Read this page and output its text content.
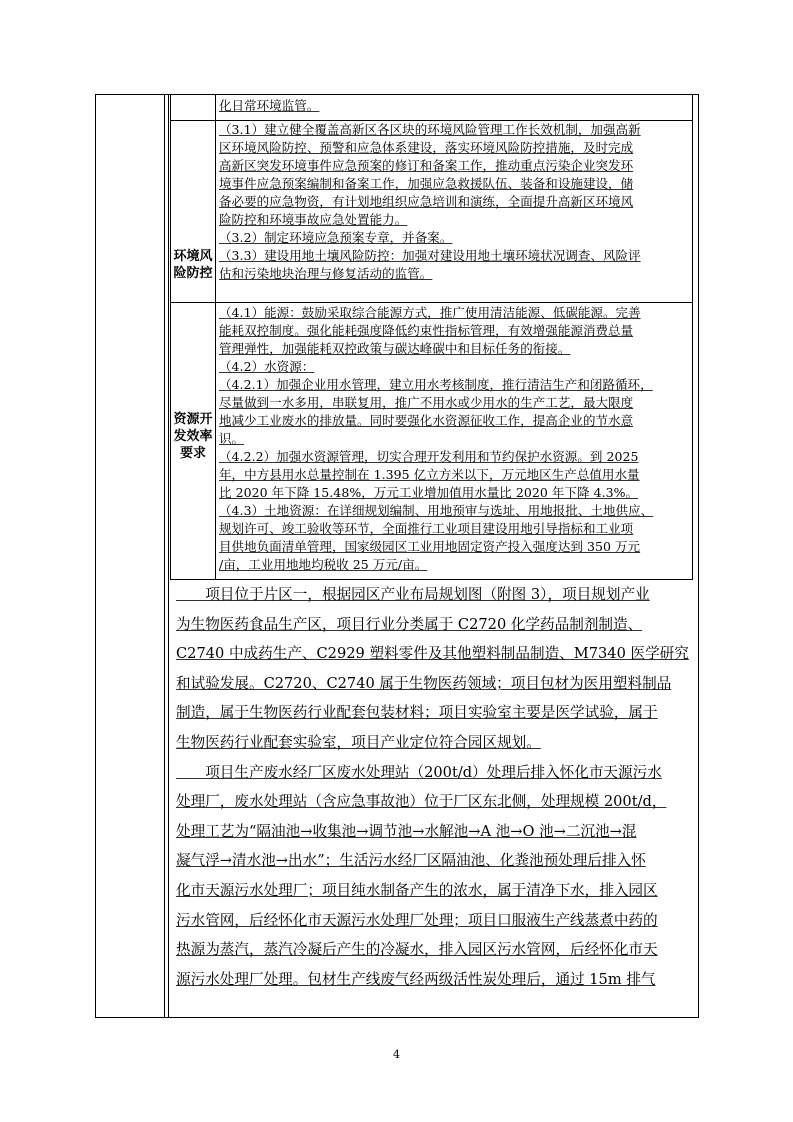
化日常环境监管。
环境风
险防控
（3.1）建立健全覆盖高新区各区块的环境风险管理工作长效机制，加强高新
区环境风险防控、预警和应急体系建设，落实环境风险防控措施，及时完成
高新区突发环境事件应急预案的修订和备案工作，推动重点污染企业突发环
境事件应急预案编制和备案工作，加强应急救援队伍、装备和设施建设，储
备必要的应急物资，有计划地组织应急培训和演练，全面提升高新区环境风
险防控和环境事故应急处置能力。
（3.2）制定环境应急预案专章，并备案。
（3.3）建设用地土壤风险防控：加强对建设用地土壤环境状况调查、风险评
估和污染地块治理与修复活动的监管。
资源开
发效率
要求
（4.1）能源：鼓励采取综合能源方式，推广使用清洁能源、低碳能源。完善
能耗双控制度。强化能耗强度降低约束性指标管理，有效增强能源消费总量
管理弹性，加强能耗双控政策与碳达峰碳中和目标任务的衔接。
（4.2）水资源：
（4.2.1）加强企业用水管理，建立用水考核制度，推行清洁生产和闭路循环，
尽量做到一水多用，串联复用，推广不用水或少用水的生产工艺，最大限度
地减少工业废水的排放量。同时要强化水资源征收工作，提高企业的节水意
识。
（4.2.2）加强水资源管理，切实合理开发利用和节约保护水资源。到 2025
年，中方县用水总量控制在 1.395 亿立方米以下，万元地区生产总值用水量
比 2020 年下降 15.48%，万元工业增加值用水量比 2020 年下降 4.3%。
（4.3）土地资源：在详细规划编制、用地预审与选址、用地报批、土地供应、
规划许可、竣工验收等环节，全面推行工业项目建设用地引导指标和工业项
目供地负面清单管理，国家级园区工业用地固定资产投入强度达到 350 万元
/亩，工业用地地均税收 25 万元/亩。
　　项目位于片区一，根据园区产业布局规划图（附图 3），项目规划产业
为生物医药食品生产区，项目行业分类属于 C2720 化学药品制剂制造、
C2740 中成药生产、C2929 塑料零件及其他塑料制品制造、M7340 医学研究
和试验发展。C2720、C2740 属于生物医药领域；项目包材为医用塑料制品
制造，属于生物医药行业配套包装材料；项目实验室主要是医学试验，属于
生物医药行业配套实验室，项目产业定位符合园区规划。
　　项目生产废水经厂区废水处理站（200t/d）处理后排入怀化市天源污水
处理厂，废水处理站（含应急事故池）位于厂区东北侧，处理规模 200t/d，
处理工艺为“隔油池→收集池→调节池→水解池→A 池→O 池→二沉池→混
凝气浮→清水池→出水”；生活污水经厂区隔油池、化粪池预处理后排入怀
化市天源污水处理厂；项目纯水制备产生的浓水，属于清净下水，排入园区
污水管网，后经怀化市天源污水处理厂处理；项目口服液生产线蒸煮中药的
热源为蒸汽，蒸汽冷凝后产生的冷凝水，排入园区污水管网，后经怀化市天
源污水处理厂处理。包材生产线废气经两级活性炭处理后，通过 15m 排气
4
